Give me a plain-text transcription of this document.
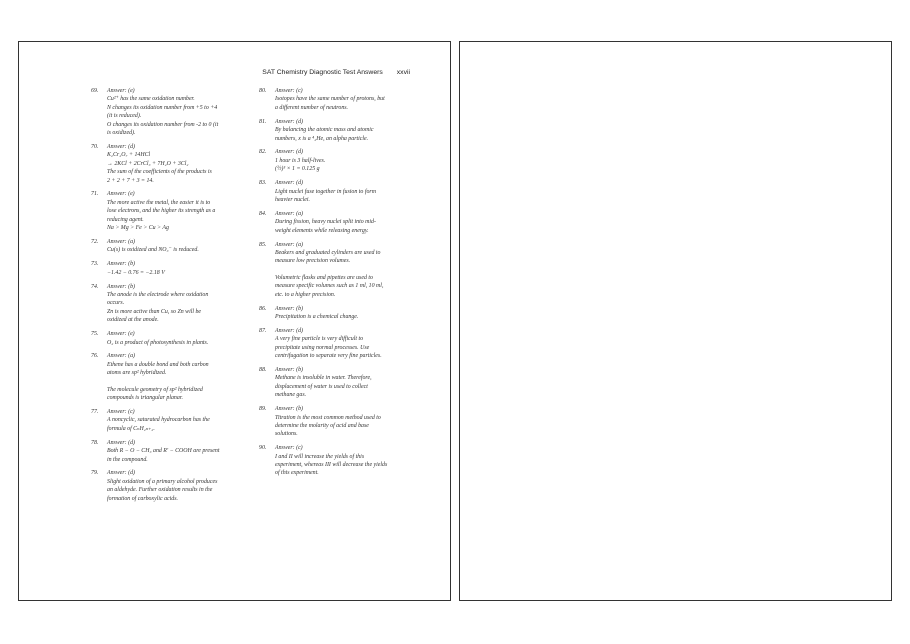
SAT Chemistry Diagnostic Test Answers xxvii
69. Answer: (e)
Cu²⁺ has the same oxidation number.
N changes its oxidation number from +5 to +4
(it is reduced).
O changes its oxidation number from -2 to 0 (it
is oxidized).
70. Answer: (d)
K₂Cr₂O₇ + 14HCl
→ 2KCl + 2CrCl₃ + 7H₂O + 3Cl₂
The sum of the coefficients of the products is
2 + 2 + 7 + 3 = 14.
71. Answer: (e)
The more active the metal, the easier it is to
lose electrons, and the higher its strength as a
reducing agent.
Na > Mg > Fe > Cu > Ag
72. Answer: (a)
Cu(s) is oxidized and NO₃⁻ is reduced.
73. Answer: (b)
−1.42 − 0.76 = −2.18 V
74. Answer: (b)
The anode is the electrode where oxidation
occurs.
Zn is more active than Cu, so Zn will be
oxidized at the anode.
75. Answer: (e)
O₂ is a product of photosynthesis in plants.
76. Answer: (a)
Ethene has a double bond and both carbon
atoms are sp² hybridized.
The molecule geometry of sp² hybridized
compounds is triangular planar.
77. Answer: (c)
A noncyclic, saturated hydrocarbon has the
formula of CₙH₂ₙ₊₂.
78. Answer: (d)
Both R − O − CH₃ and R' − COOH are present
in the compound.
79. Answer: (d)
Slight oxidation of a primary alcohol produces
an aldehyde. Further oxidation results in the
formation of carboxylic acids.
80. Answer: (c)
Isotopes have the same number of protons, but
a different number of neutrons.
81. Answer: (d)
By balancing the atomic mass and atomic
numbers, x is a ⁴₂He, an alpha particle.
82. Answer: (d)
1 hour is 3 half-lives.
(½)³ × 1 = 0.125 g
83. Answer: (d)
Light nuclei fuse together in fusion to form
heavier nuclei.
84. Answer: (a)
During fission, heavy nuclei split into mid-
weight elements while releasing energy.
85. Answer: (a)
Beakers and graduated cylinders are used to
measure low precision volumes.
Volumetric flasks and pipettes are used to
measure specific volumes such as 1 ml, 10 ml,
etc. to a higher precision.
86. Answer: (b)
Precipitation is a chemical change.
87. Answer: (d)
A very fine particle is very difficult to
precipitate using normal processes. Use
centrifugation to separate very fine particles.
88. Answer: (b)
Methane is insoluble in water. Therefore,
displacement of water is used to collect
methane gas.
89. Answer: (b)
Titration is the most common method used to
determine the molarity of acid and base
solutions.
90. Answer: (c)
I and II will increase the yields of this
experiment, whereas III will decrease the yields
of this experiment.
